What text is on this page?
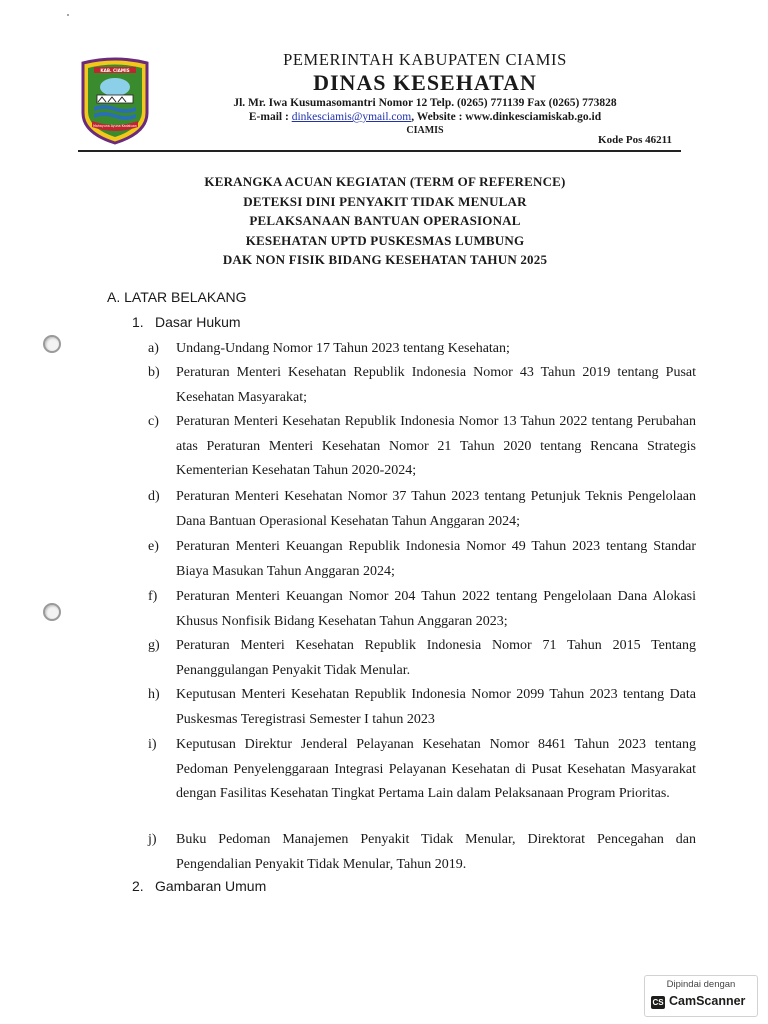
KAB. CIAMIS
Mahayuna Ayuna Kadatuan
PEMERINTAH KABUPATEN CIAMIS
DINAS KESEHATAN
Jl. Mr. Iwa Kusumasomantri Nomor 12 Telp. (0265) 771139 Fax (0265) 773828
E-mail : dinkesciamis@ymail.com, Website : www.dinkesciamiskab.go.id
CIAMIS
Kode Pos 46211
KERANGKA ACUAN KEGIATAN (TERM OF REFERENCE)
DETEKSI DINI PENYAKIT TIDAK MENULAR
PELAKSANAAN BANTUAN OPERASIONAL
KESEHATAN UPTD PUSKESMAS LUMBUNG
DAK NON FISIK BIDANG KESEHATAN TAHUN 2025
A. LATAR BELAKANG
1. Dasar Hukum
a)	Undang-Undang Nomor 17 Tahun 2023 tentang Kesehatan;
b)	Peraturan Menteri Kesehatan Republik Indonesia Nomor 43 Tahun 2019 tentang Pusat Kesehatan Masyarakat;
c)	Peraturan Menteri Kesehatan Republik Indonesia Nomor 13 Tahun 2022 tentang Perubahan atas Peraturan Menteri Kesehatan Nomor 21 Tahun 2020 tentang Rencana Strategis Kementerian Kesehatan Tahun 2020-2024;
d)	Peraturan Menteri Kesehatan Nomor 37 Tahun 2023 tentang Petunjuk Teknis Pengelolaan Dana Bantuan Operasional Kesehatan Tahun Anggaran 2024;
e)	Peraturan Menteri Keuangan Republik Indonesia Nomor 49 Tahun 2023 tentang Standar Biaya Masukan Tahun Anggaran 2024;
f)	Peraturan Menteri Keuangan Nomor 204 Tahun 2022 tentang Pengelolaan Dana Alokasi Khusus Nonfisik Bidang Kesehatan Tahun Anggaran 2023;
g)	Peraturan Menteri Kesehatan Republik Indonesia Nomor 71 Tahun 2015 Tentang Penanggulangan Penyakit Tidak Menular.
h)	Keputusan Menteri Kesehatan Republik Indonesia Nomor 2099 Tahun 2023 tentang Data Puskesmas Teregistrasi Semester I tahun 2023
i)	Keputusan Direktur Jenderal Pelayanan Kesehatan Nomor 8461 Tahun 2023 tentang Pedoman Penyelenggaraan Integrasi Pelayanan Kesehatan di Pusat Kesehatan Masyarakat dengan Fasilitas Kesehatan Tingkat Pertama Lain dalam Pelaksanaan Program Prioritas.
j)	Buku Pedoman Manajemen Penyakit Tidak Menular, Direktorat Pencegahan dan Pengendalian Penyakit Tidak Menular, Tahun 2019.
2. Gambaran Umum
Dipindai dengan
CS CamScanner
